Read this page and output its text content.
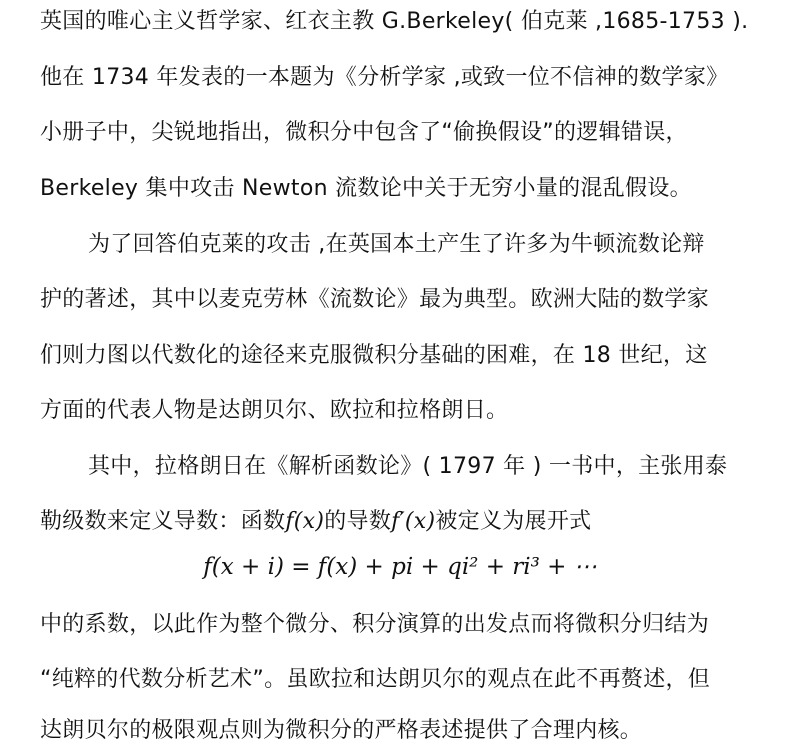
英国的唯心主义哲学家、红衣主教 G.Berkeley( 伯克莱 ,1685-1753 ).
他在 1734 年发表的一本题为《分析学家 ,或致一位不信神的数学家》
小册子中，尖锐地指出，微积分中包含了“偷换假设”的逻辑错误，
Berkeley 集中攻击 Newton 流数论中关于无穷小量的混乱假设。
为了回答伯克莱的攻击 ,在英国本土产生了许多为牛顿流数论辩
护的著述，其中以麦克劳林《流数论》最为典型。欧洲大陆的数学家
们则力图以代数化的途径来克服微积分基础的困难，在 18 世纪，这
方面的代表人物是达朗贝尔、欧拉和拉格朗日。
其中，拉格朗日在《解析函数论》( 1797 年 ) 一书中，主张用泰
勒级数来定义导数：函数f(x)的导数f′(x)被定义为展开式
f(x + i) = f(x) + pi + qi² + ri³ + ⋯
中的系数，以此作为整个微分、积分演算的出发点而将微积分归结为
“纯粹的代数分析艺术”。虽欧拉和达朗贝尔的观点在此不再赘述，但
达朗贝尔的极限观点则为微积分的严格表述提供了合理内核。
